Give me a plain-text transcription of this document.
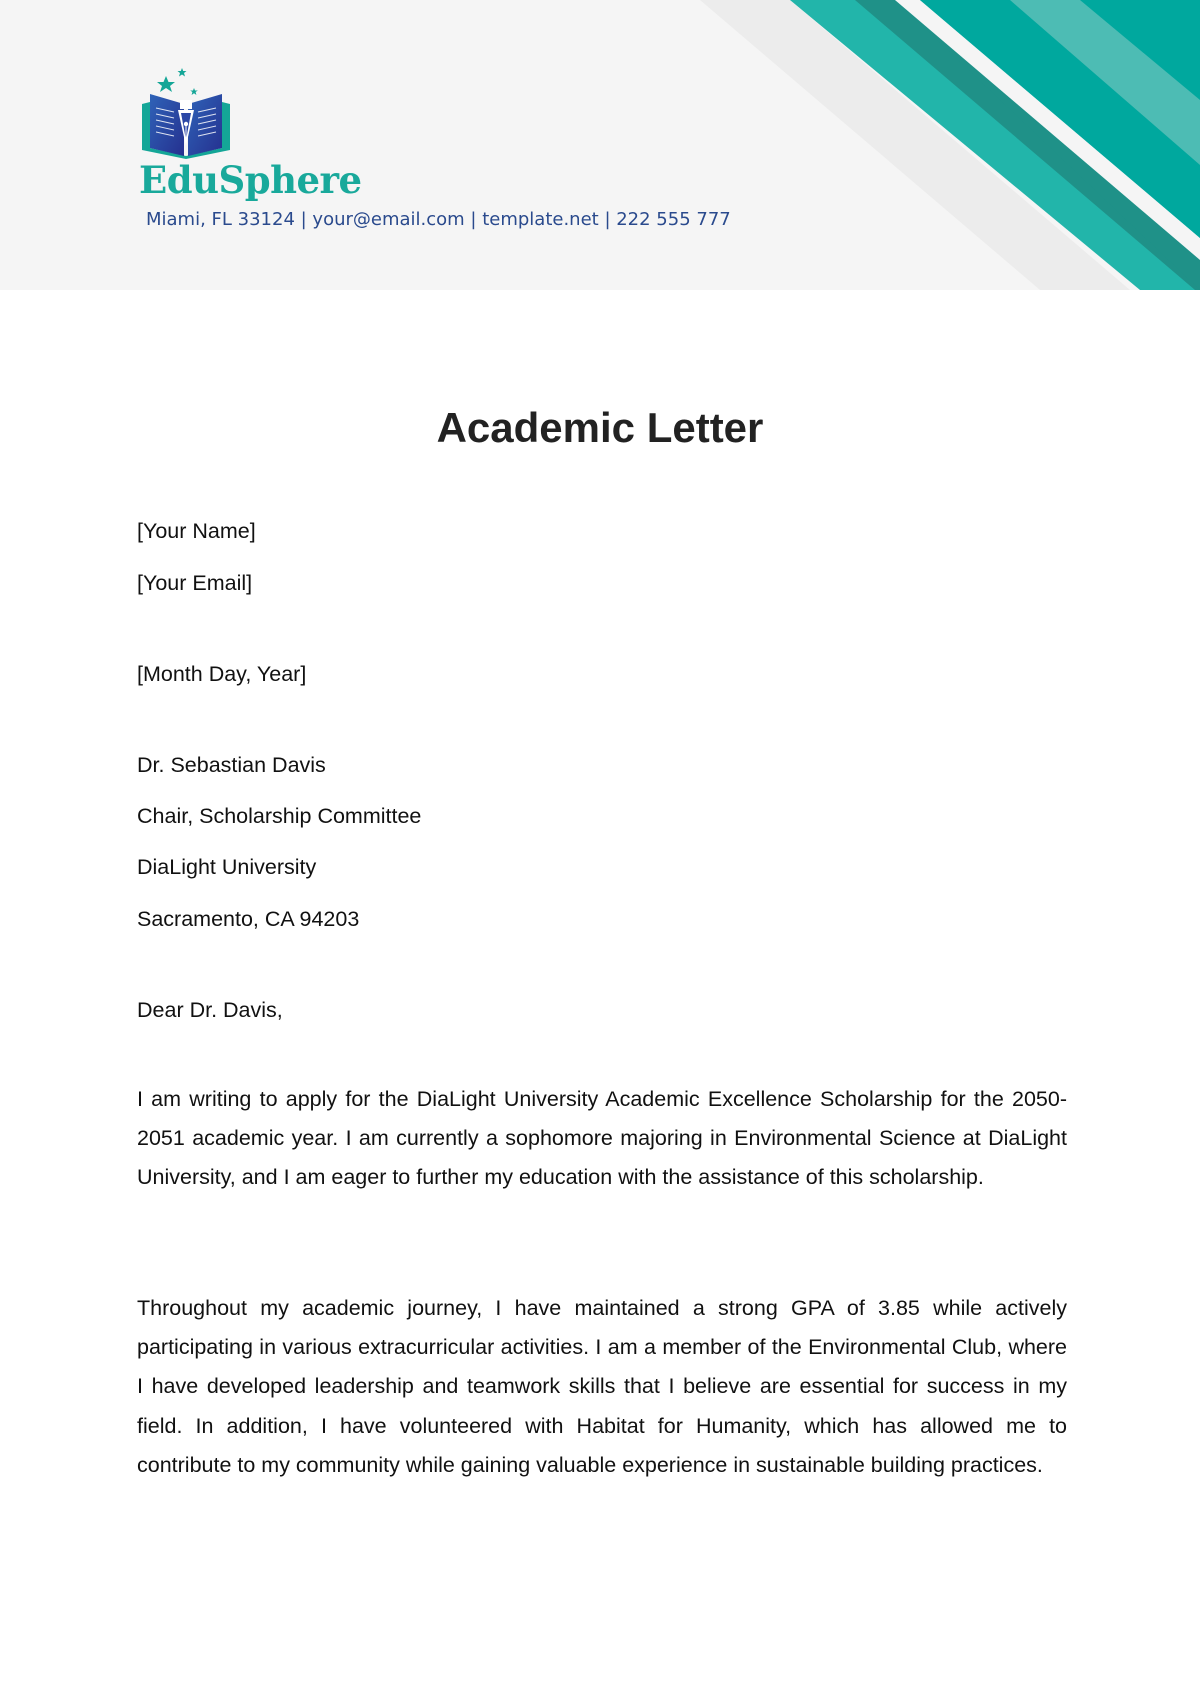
EduSphere
Miami, FL 33124 | your@email.com | template.net | 222 555 777
Academic Letter
[Your Name]
[Your Email]
[Month Day, Year]
Dr. Sebastian Davis
Chair, Scholarship Committee
DiaLight University
Sacramento, CA 94203
Dear Dr. Davis,

I am writing to apply for the DiaLight University Academic Excellence Scholarship for the 2050-2051 academic year. I am currently a sophomore majoring in Environmental Science at DiaLight University, and I am eager to further my education with the assistance of this scholarship.

Throughout my academic journey, I have maintained a strong GPA of 3.85 while actively participating in various extracurricular activities. I am a member of the Environmental Club, where I have developed leadership and teamwork skills that I believe are essential for success in my field. In addition, I have volunteered with Habitat for Humanity, which has allowed me to contribute to my community while gaining valuable experience in sustainable building practices.
